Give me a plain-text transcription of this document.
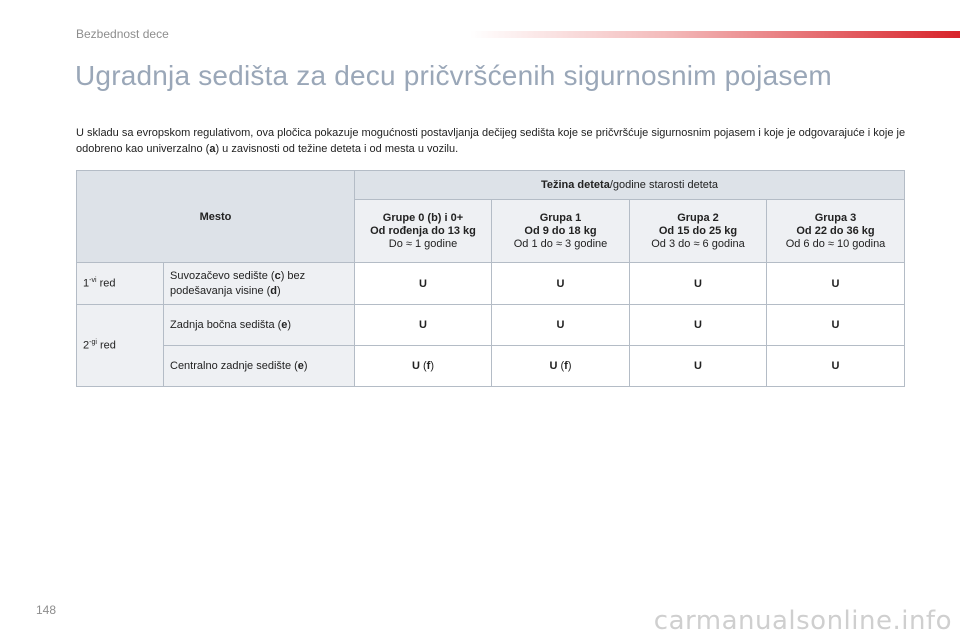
Bezbednost dece
Ugradnja sedišta za decu pričvršćenih sigurnosnim pojasem

U skladu sa evropskom regulativom, ova pločica pokazuje mogućnosti postavljanja dečijeg sedišta koje se pričvršćuje sigurnosnim pojasem i koje je odgovarajuće i koje je odobreno kao univerzalno (a) u zavisnosti od težine deteta i od mesta u vozilu.

Mesto		Težina deteta/godine starosti deteta			

		Grupe 0 (b) i 0+
Od rođenja do 13 kg
Do ≈ 1 godine	Grupa 1
Od 9 do 18 kg
Od 1 do ≈ 3 godine	Grupa 2
Od 15 do 25 kg
Od 3 do ≈ 6 godina	Grupa 3
Od 22 do 36 kg
Od 6 do ≈ 10 godina

$1^{-vi}$ red	Suvozačevo sedište (c) bez podešavanja visine (d)	U	U	U	U
$2^{-gi}$ red	Zadnja bočna sedišta (e)	U	U	U	U
	Centralno zadnje sedište (e)	U (f)	U (f)	U	U
148	carmanualsonline.info
